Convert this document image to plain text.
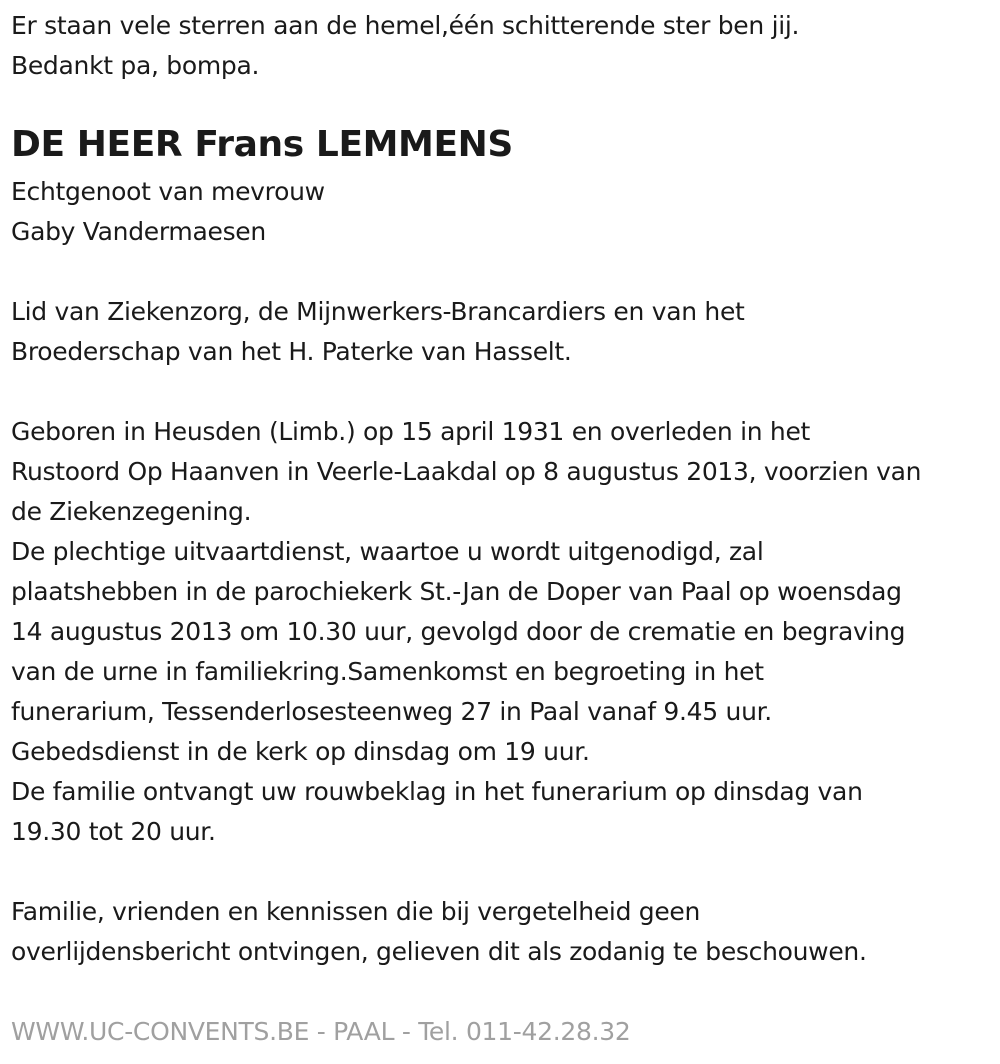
Er staan vele sterren aan de hemel,één schitterende ster ben jij.
Bedankt pa, bompa.
DE HEER Frans LEMMENS
Echtgenoot van mevrouw
Gaby Vandermaesen
Lid van Ziekenzorg, de Mijnwerkers-Brancardiers en van het
Broederschap van het H. Paterke van Hasselt.
Geboren in Heusden (Limb.) op 15 april 1931 en overleden in het
Rustoord Op Haanven in Veerle-Laakdal op 8 augustus 2013, voorzien van
de Ziekenzegening.
De plechtige uitvaartdienst, waartoe u wordt uitgenodigd, zal
plaatshebben in de parochiekerk St.-Jan de Doper van Paal op woensdag
14 augustus 2013 om 10.30 uur, gevolgd door de crematie en begraving
van de urne in familiekring.Samenkomst en begroeting in het
funerarium, Tessenderlosesteenweg 27 in Paal vanaf 9.45 uur.
Gebedsdienst in de kerk op dinsdag om 19 uur.
De familie ontvangt uw rouwbeklag in het funerarium op dinsdag van
19.30 tot 20 uur.
Familie, vrienden en kennissen die bij vergetelheid geen
overlijdensbericht ontvingen, gelieven dit als zodanig te beschouwen.
WWW.UC-CONVENTS.BE - PAAL - Tel. 011-42.28.32
